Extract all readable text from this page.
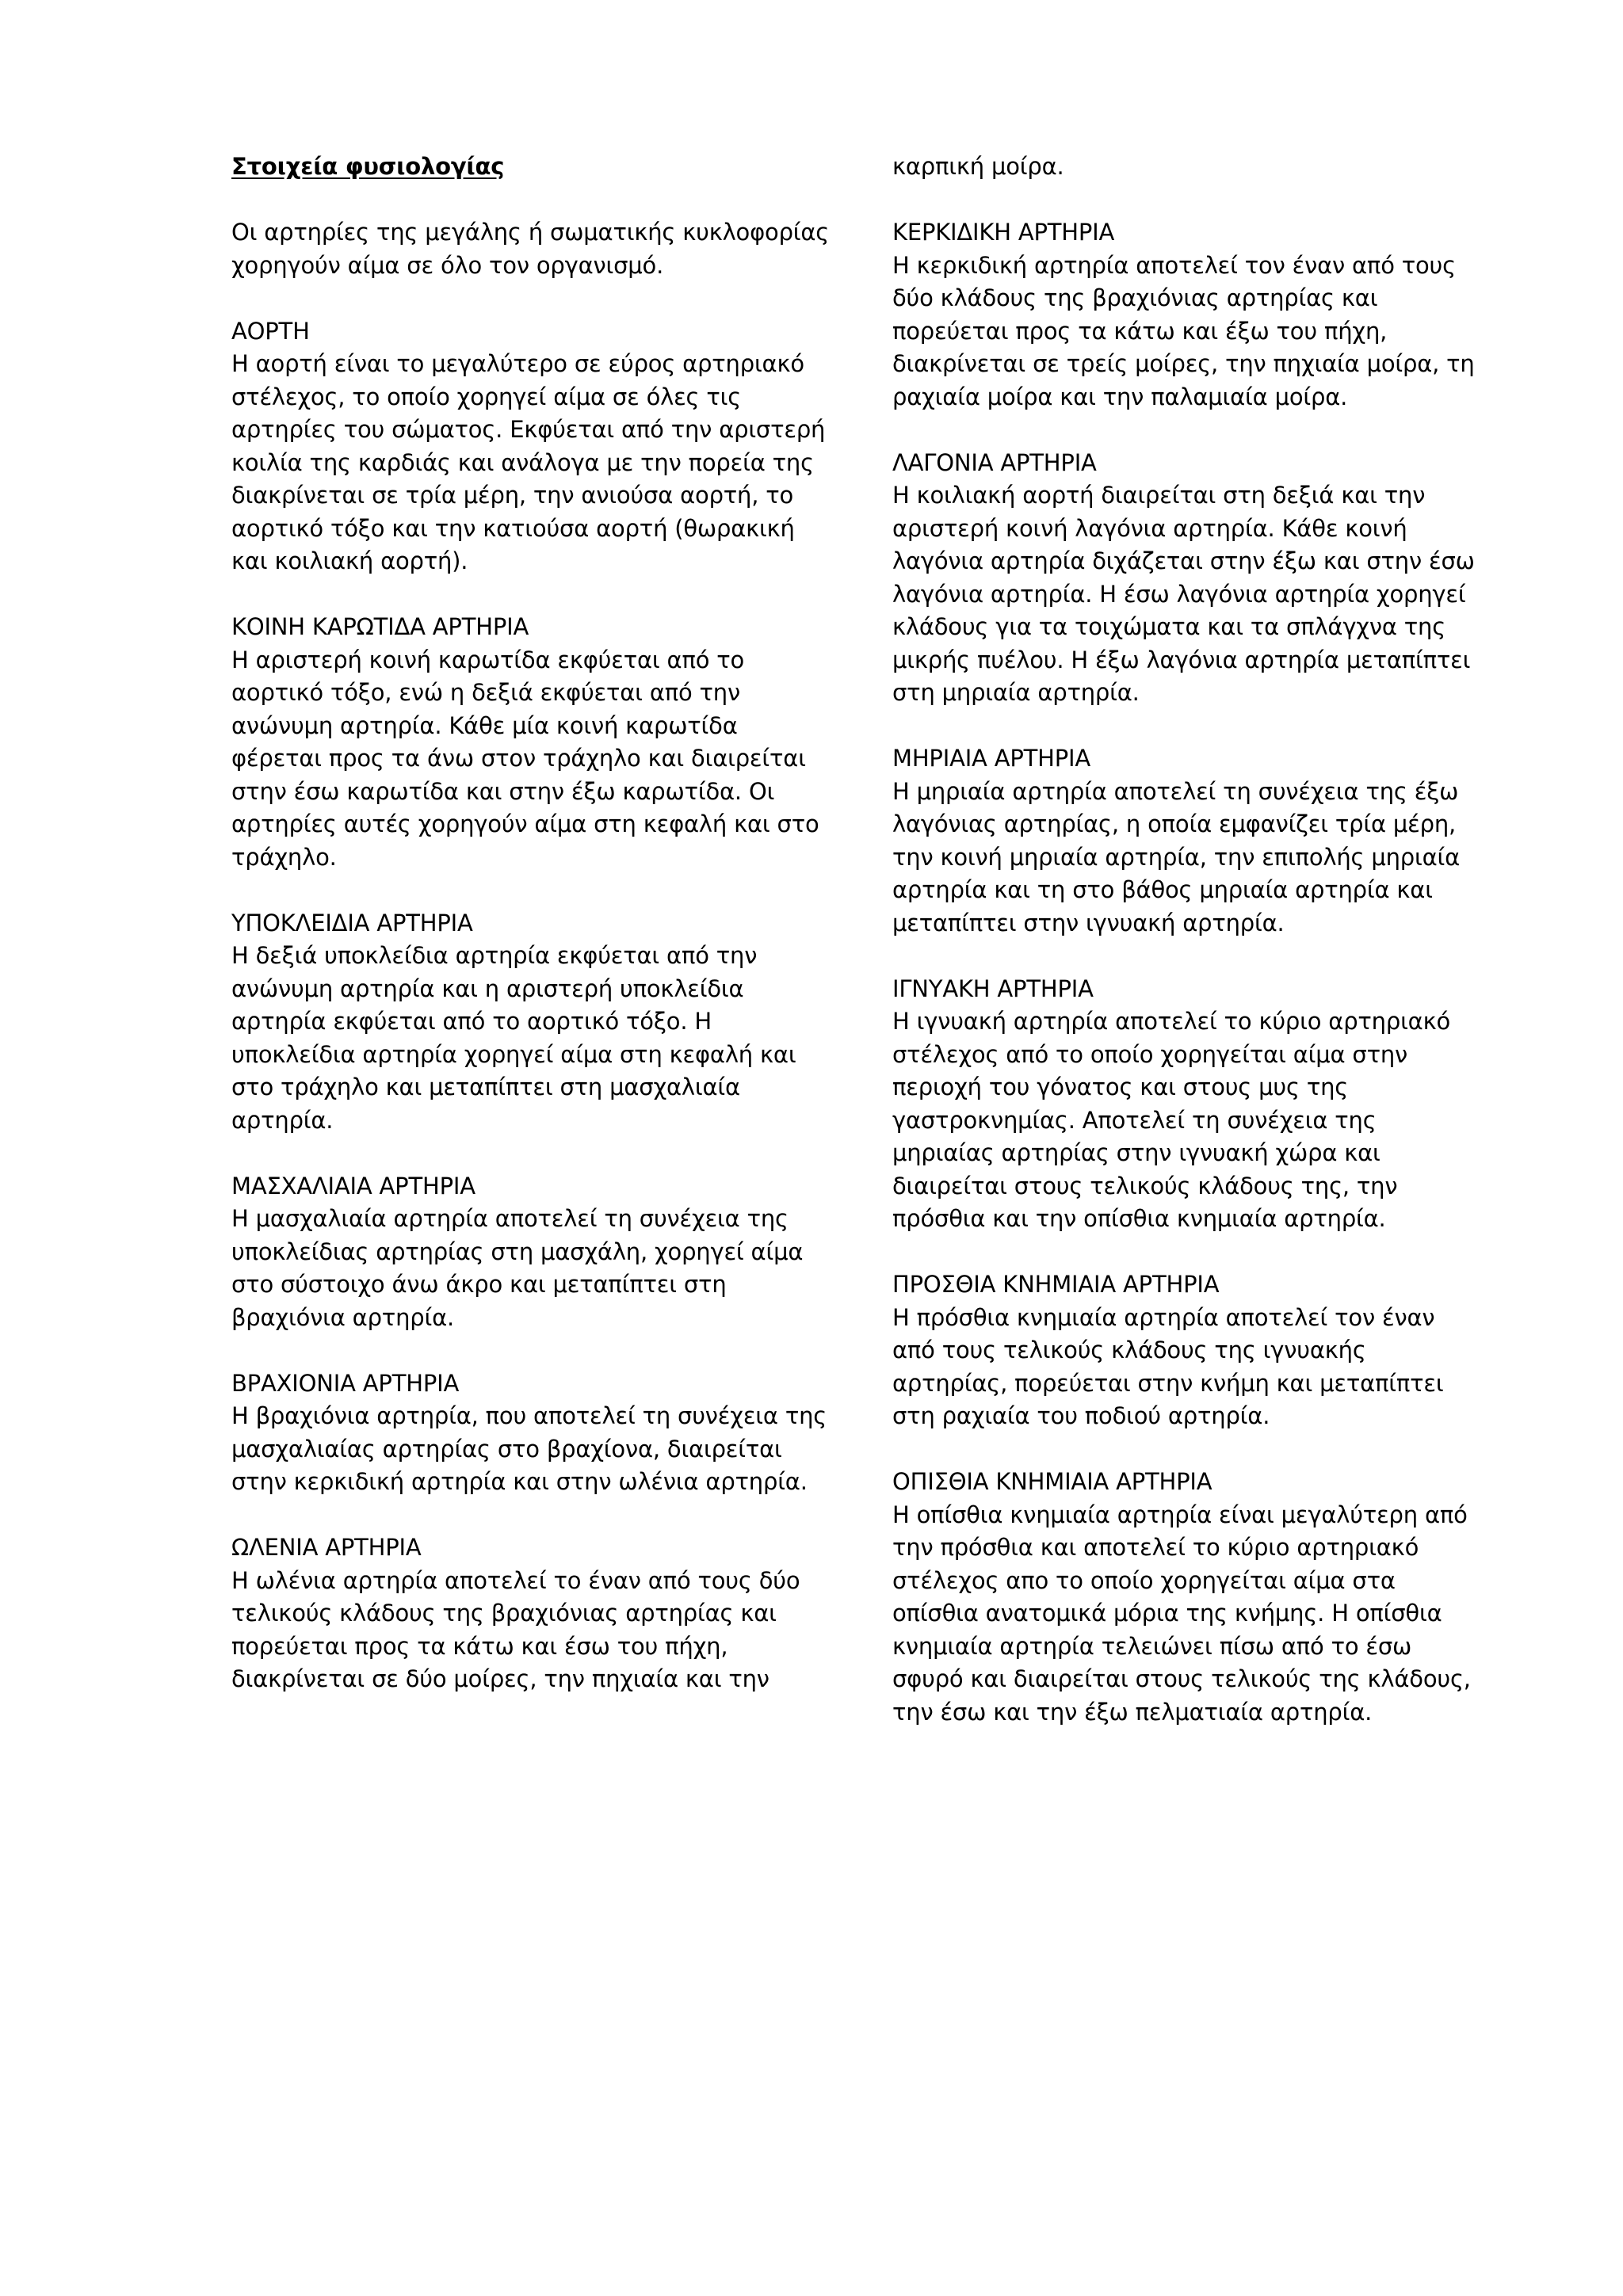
Στοιχεία φυσιολογίας

Οι αρτηρίες της μεγάλης ή σωματικής κυκλοφορίας χορηγούν αίμα σε όλο τον οργανισμό.

ΑΟΡΤΗ

Η αορτή είναι το μεγαλύτερο σε εύρος αρτηριακό στέλεχος, το οποίο χορηγεί αίμα σε όλες τις αρτηρίες του σώματος. Εκφύεται από την αριστερή κοιλία της καρδιάς και ανάλογα με την πορεία της διακρίνεται σε τρία μέρη, την ανιούσα αορτή, το αορτικό τόξο και την κατιούσα αορτή (θωρακική και κοιλιακή αορτή).

ΚΟΙΝΗ ΚΑΡΩΤΙΔΑ ΑΡΤΗΡΙΑ

Η αριστερή κοινή καρωτίδα εκφύεται από το αορτικό τόξο, ενώ η δεξιά εκφύεται από την ανώνυμη αρτηρία. Κάθε μία κοινή καρωτίδα φέρεται προς τα άνω στον τράχηλο και διαιρείται στην έσω καρωτίδα και στην έξω καρωτίδα. Οι αρτηρίες αυτές χορηγούν αίμα στη κεφαλή και στο τράχηλο.

ΥΠΟΚΛΕΙΔΙΑ ΑΡΤΗΡΙΑ

Η δεξιά υποκλείδια αρτηρία εκφύεται από την ανώνυμη αρτηρία και η αριστερή υποκλείδια αρτηρία εκφύεται από το αορτικό τόξο. Η υποκλείδια αρτηρία χορηγεί αίμα στη κεφαλή και στο τράχηλο και μεταπίπτει στη μασχαλιαία αρτηρία.

ΜΑΣΧΑΛΙΑΙΑ ΑΡΤΗΡΙΑ

Η μασχαλιαία αρτηρία αποτελεί τη συνέχεια της υποκλείδιας αρτηρίας στη μασχάλη, χορηγεί αίμα στο σύστοιχο άνω άκρο και μεταπίπτει στη βραχιόνια αρτηρία.

ΒΡΑΧΙΟΝΙΑ ΑΡΤΗΡΙΑ

Η βραχιόνια αρτηρία, που αποτελεί τη συνέχεια της μασχαλιαίας αρτηρίας στο βραχίονα, διαιρείται στην κερκιδική αρτηρία και στην ωλένια αρτηρία.

ΩΛΕΝΙΑ ΑΡΤΗΡΙΑ

Η ωλένια αρτηρία αποτελεί το έναν από τους δύο τελικούς κλάδους της βραχιόνιας αρτηρίας και πορεύεται προς τα κάτω και έσω του πήχη, διακρίνεται σε δύο μοίρες, την πηχιαία και την

καρπική μοίρα.

ΚΕΡΚΙΔΙΚΗ ΑΡΤΗΡΙΑ

Η κερκιδική αρτηρία αποτελεί τον έναν από τους δύο κλάδους της βραχιόνιας αρτηρίας και πορεύεται προς τα κάτω και έξω του πήχη, διακρίνεται σε τρείς μοίρες, την πηχιαία μοίρα, τη ραχιαία μοίρα και την παλαμιαία μοίρα.

ΛΑΓΟΝΙΑ ΑΡΤΗΡΙΑ

Η κοιλιακή αορτή διαιρείται στη δεξιά και την αριστερή κοινή λαγόνια αρτηρία. Κάθε κοινή λαγόνια αρτηρία διχάζεται στην έξω και στην έσω λαγόνια αρτηρία. Η έσω λαγόνια αρτηρία χορηγεί κλάδους για τα τοιχώματα και τα σπλάγχνα της μικρής πυέλου. Η έξω λαγόνια αρτηρία μεταπίπτει στη μηριαία αρτηρία.

ΜΗΡΙΑΙΑ ΑΡΤΗΡΙΑ

Η μηριαία αρτηρία αποτελεί τη συνέχεια της έξω λαγόνιας αρτηρίας, η οποία εμφανίζει τρία μέρη, την κοινή μηριαία αρτηρία, την επιπολής μηριαία αρτηρία και τη στο βάθος μηριαία αρτηρία και μεταπίπτει στην ιγνυακή αρτηρία.

ΙΓΝΥΑΚΗ ΑΡΤΗΡΙΑ

Η ιγνυακή αρτηρία αποτελεί το κύριο αρτηριακό στέλεχος από το οποίο χορηγείται αίμα στην περιοχή του γόνατος και στους μυς της γαστροκνημίας. Αποτελεί τη συνέχεια της μηριαίας αρτηρίας στην ιγνυακή χώρα και διαιρείται στους τελικούς κλάδους της, την πρόσθια και την οπίσθια κνημιαία αρτηρία.

ΠΡΟΣΘΙΑ ΚΝΗΜΙΑΙΑ ΑΡΤΗΡΙΑ

Η πρόσθια κνημιαία αρτηρία αποτελεί τον έναν από τους τελικούς κλάδους της ιγνυακής αρτηρίας, πορεύεται στην κνήμη και μεταπίπτει στη ραχιαία του ποδιού αρτηρία.

ΟΠΙΣΘΙΑ ΚΝΗΜΙΑΙΑ ΑΡΤΗΡΙΑ

Η οπίσθια κνημιαία αρτηρία είναι μεγαλύτερη από την πρόσθια και αποτελεί το κύριο αρτηριακό στέλεχος απο το οποίο χορηγείται αίμα στα οπίσθια ανατομικά μόρια της κνήμης. Η οπίσθια κνημιαία αρτηρία τελειώνει πίσω από το έσω σφυρό και διαιρείται στους τελικούς της κλάδους, την έσω και την έξω πελματιαία αρτηρία.
